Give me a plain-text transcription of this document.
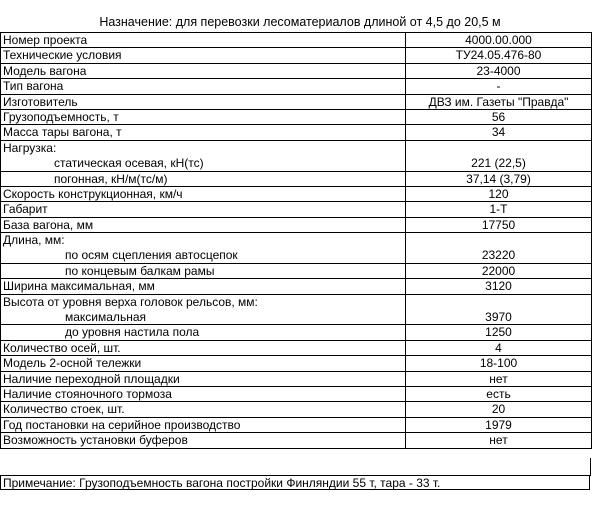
Назначение: для перевозки лесоматериалов длиной от 4,5 до 20,5 м
Номер проекта	4000.00.000
Технические условия	ТУ24.05.476-80
Модель вагона	23-4000
Тип вагона	-
Изготовитель	ДВЗ им. Газеты "Правда"
Грузоподъемность, т	56
Масса тары вагона, т	34
Нагрузка:
статическая осевая, кН(тс)	221 (22,5)
погонная, кН/м(тс/м)	37,14 (3,79)
Скорость конструкционная, км/ч	120
Габарит	1-Т
База вагона, мм	17750
Длина, мм:
по осям сцепления автосцепок	23220
по концевым балкам рамы	22000
Ширина максимальная, мм	3120
Высота от уровня верха головок рельсов, мм:
максимальная	3970
до уровня настила пола	1250
Количество осей, шт.	4
Модель 2-осной тележки	18-100
Наличие переходной площадки	нет
Наличие стояночного тормоза	есть
Количество стоек, шт.	20
Год постановки на серийное производство	1979
Возможность установки буферов	нет
Примечание: Грузоподъемность вагона постройки Финляндии 55 т, тара - 33 т.
